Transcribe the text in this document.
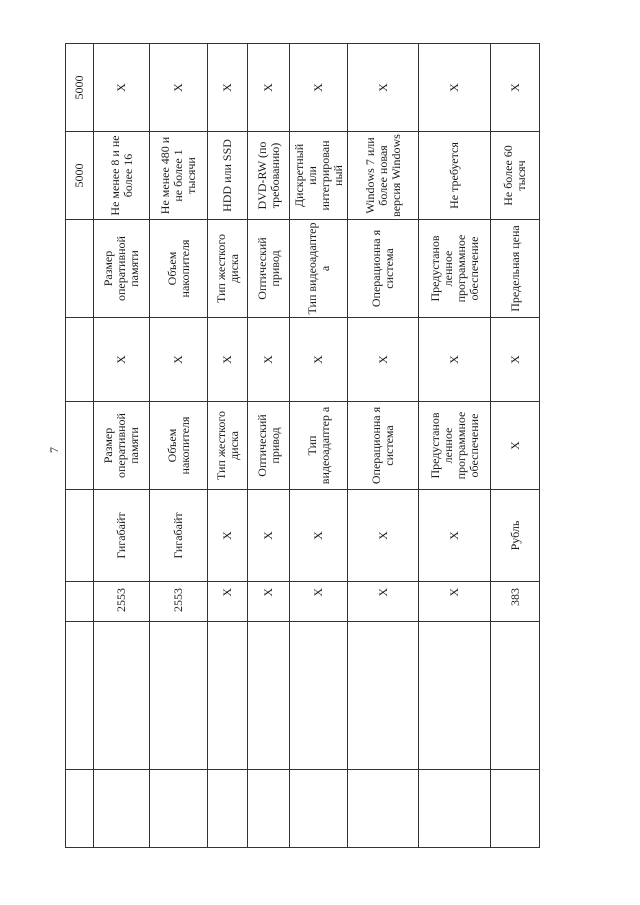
7
							5000	5000
		2553	Гигабайт	Размер оперативной памяти	Х	Размер оперативной памяти	Не менее 8 и не более 16	Х
		2553	Гигабайт	Объем накопителя	Х	Объем накопителя	Не менее 480 и не более 1 тысячи	Х
		Х	Х	Тип жесткого диска	Х	Тип жесткого диска	HDD или SSD	Х
		Х	Х	Оптический привод	Х	Оптический привод	DVD-RW (по требованию)	Х
		Х	Х	Тип видеоадаптер а	Х	Тип видеоадаптер а	Дискретный или интегрирован ный	Х
		Х	Х	Операционна я система	Х	Операционна я система	Windows 7 или более новая версия Windows	Х
		Х	Х	Предустанов ленное программное обеспечение	Х	Предустанов ленное программное обеспечение	Не требуется	Х
		383	Рубль	Х	Х	Предельная цена	Не более 60 тысяч	Х
